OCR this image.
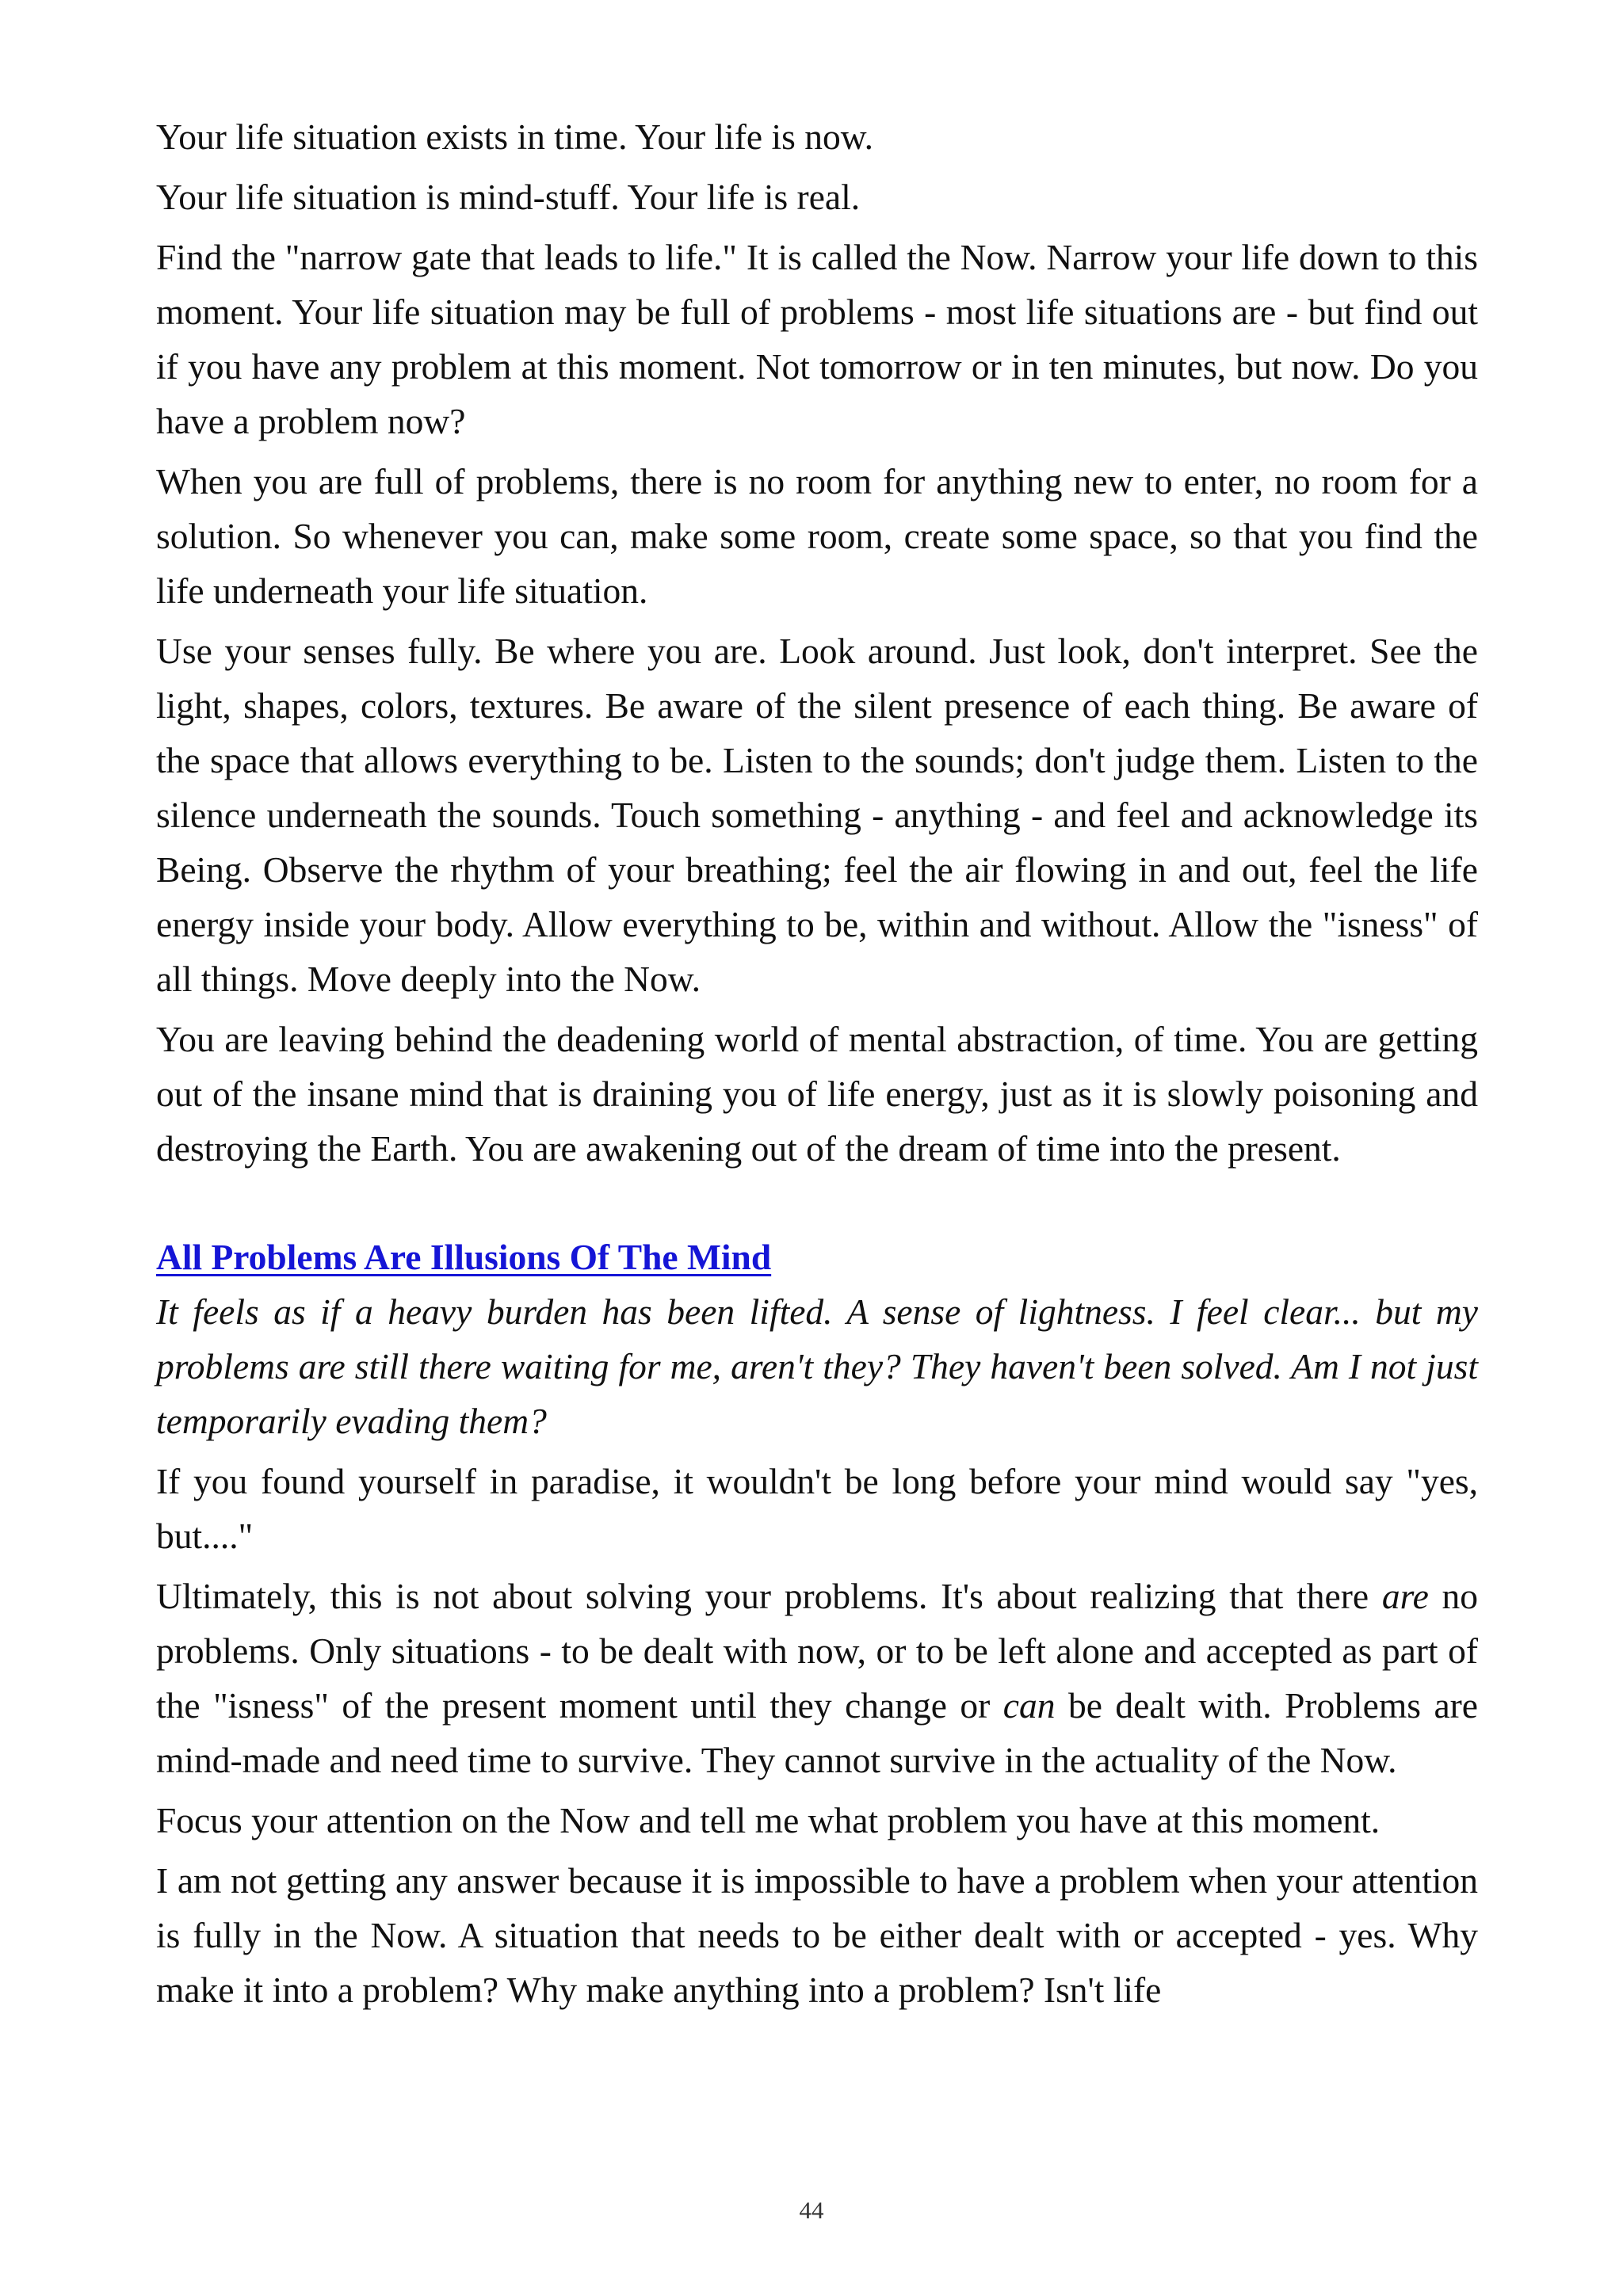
Your life situation exists in time. Your life is now.

Your life situation is mind-stuff. Your life is real.

Find the "narrow gate that leads to life." It is called the Now. Narrow your life down to this moment. Your life situation may be full of problems - most life situations are - but find out if you have any problem at this moment. Not tomorrow or in ten minutes, but now. Do you have a problem now?

When you are full of problems, there is no room for anything new to enter, no room for a solution. So whenever you can, make some room, create some space, so that you find the life underneath your life situation.

Use your senses fully. Be where you are. Look around. Just look, don't interpret. See the light, shapes, colors, textures. Be aware of the silent presence of each thing. Be aware of the space that allows everything to be. Listen to the sounds; don't judge them. Listen to the silence underneath the sounds. Touch something - anything - and feel and acknowledge its Being. Observe the rhythm of your breathing; feel the air flowing in and out, feel the life energy inside your body. Allow everything to be, within and without. Allow the "isness" of all things. Move deeply into the Now.

You are leaving behind the deadening world of mental abstraction, of time. You are getting out of the insane mind that is draining you of life energy, just as it is slowly poisoning and destroying the Earth. You are awakening out of the dream of time into the present.

All Problems Are Illusions Of The Mind

It feels as if a heavy burden has been lifted. A sense of lightness. I feel clear... but my problems are still there waiting for me, aren't they? They haven't been solved. Am I not just temporarily evading them?

If you found yourself in paradise, it wouldn't be long before your mind would say "yes, but...."

Ultimately, this is not about solving your problems. It's about realizing that there are no problems. Only situations - to be dealt with now, or to be left alone and accepted as part of the "isness" of the present moment until they change or can be dealt with. Problems are mind-made and need time to survive. They cannot survive in the actuality of the Now.

Focus your attention on the Now and tell me what problem you have at this moment.

I am not getting any answer because it is impossible to have a problem when your attention is fully in the Now. A situation that needs to be either dealt with or accepted - yes. Why make it into a problem? Why make anything into a problem? Isn't life

44
